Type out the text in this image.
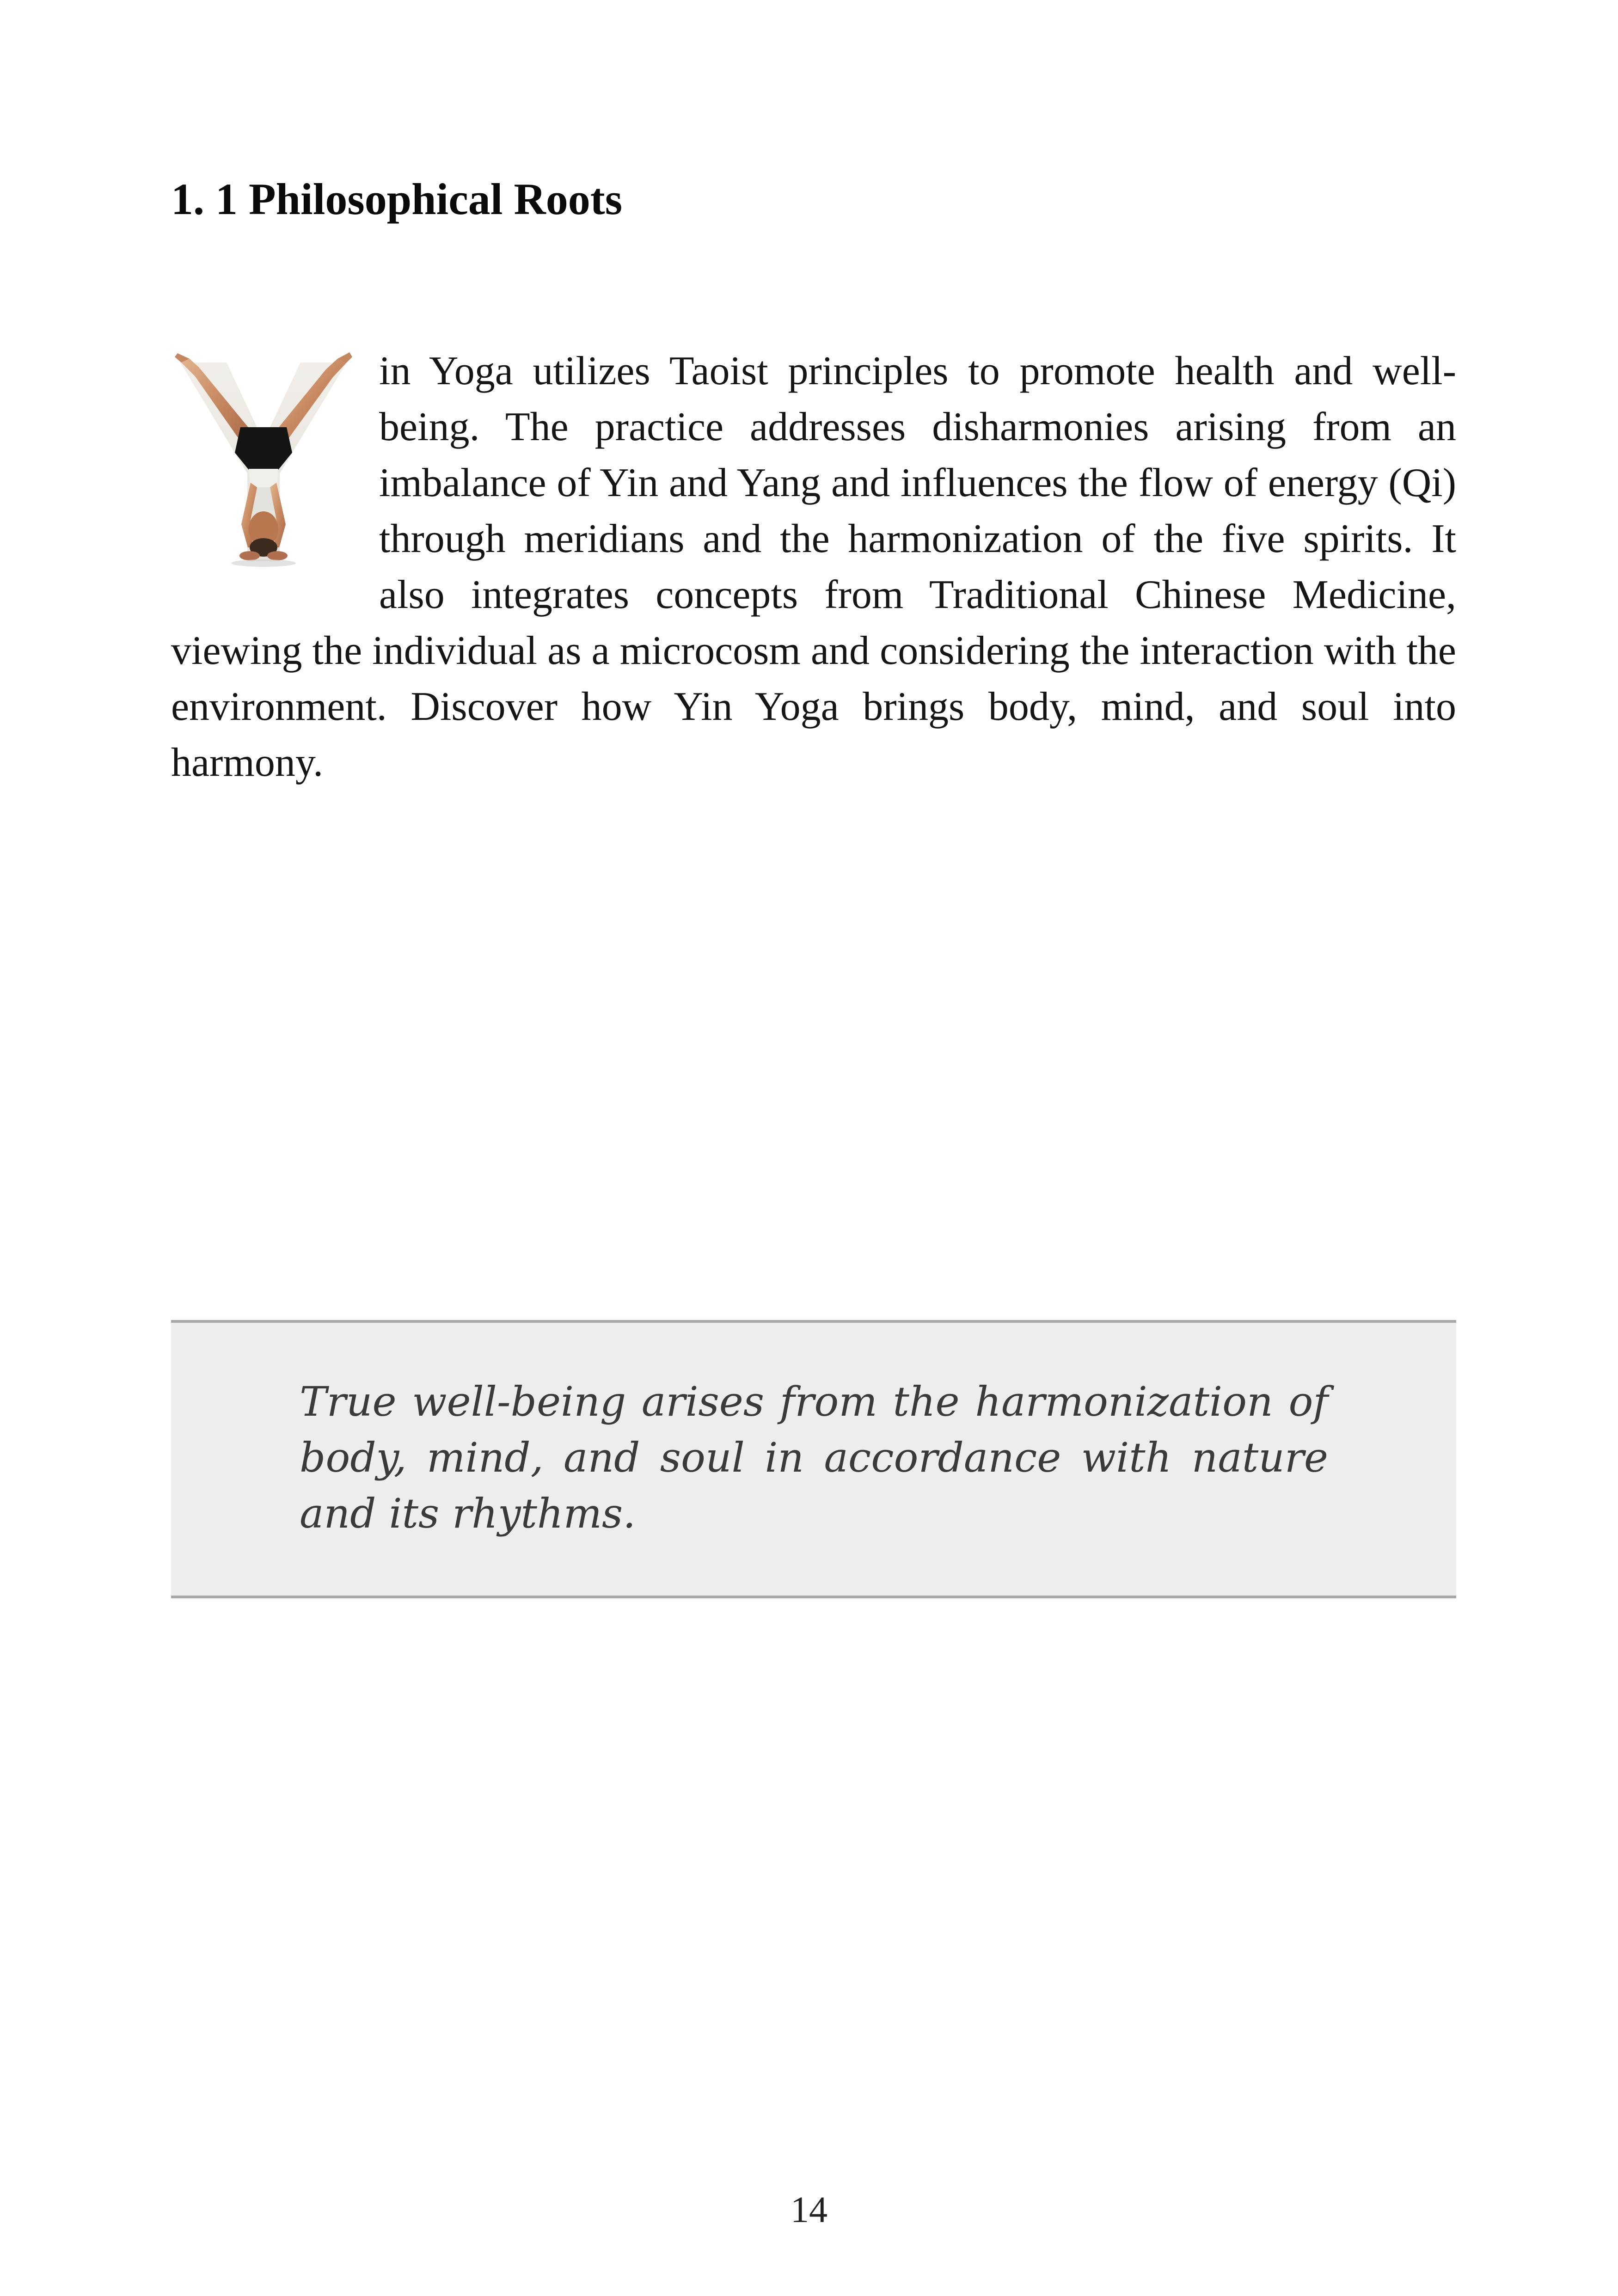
1. 1 Philosophical Roots
in Yoga utilizes Taoist principles to promote health and well-being. The practice addresses disharmonies arising from an imbalance of Yin and Yang and influences the flow of energy (Qi) through meridians and the harmonization of the five spirits. It also integrates concepts from Traditional Chinese Medicine, viewing the individual as a microcosm and considering the interaction with the environment. Discover how Yin Yoga brings body, mind, and soul into harmony.

True well-being arises from the harmonization of body, mind, and soul in accordance with nature and its rhythms.

14
